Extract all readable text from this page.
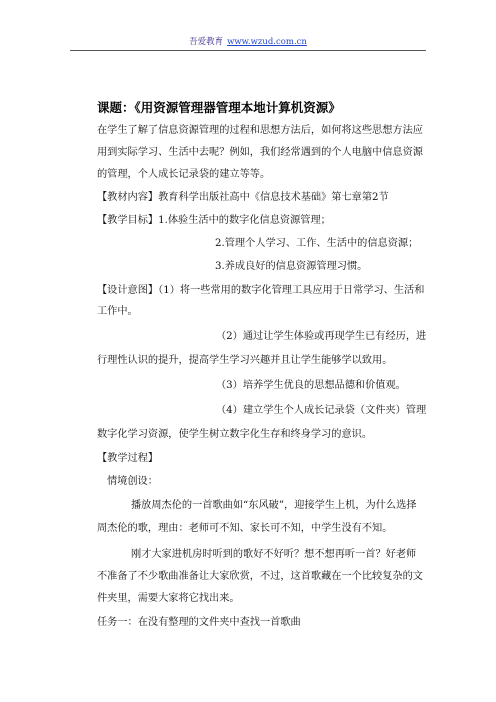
吾爱教育 www.wzud.com.cn
课题：《用资源管理器管理本地计算机资源》
在学生了解了信息资源管理的过程和思想方法后，如何将这些思想方法应
用到实际学习、生活中去呢？例如，我们经常遇到的个人电脑中信息资源
的管理，个人成长记录袋的建立等等。
【教材内容】教育科学出版社高中《信息技术基础》第七章第2节
【教学目标】1.体验生活中的数字化信息资源管理；
2.管理个人学习、工作、生活中的信息资源；
3.养成良好的信息资源管理习惯。
【设计意图】（1）将一些常用的数字化管理工具应用于日常学习、生活和
工作中。
（2）通过让学生体验或再现学生已有经历，进
行理性认识的提升，提高学生学习兴趣并且让学生能够学以致用。
（3）培养学生优良的思想品德和价值观。
（4）建立学生个人成长记录袋（文件夹）管理
数字化学习资源，使学生树立数字化生存和终身学习的意识。
【教学过程】
情境创设：
播放周杰伦的一首歌曲如“东风破”，迎接学生上机，为什么选择
周杰伦的歌，理由：老师可不知、家长可不知，中学生没有不知。
刚才大家进机房时听到的歌好不好听？想不想再听一首？好老师
不准备了不少歌曲准备让大家欣赏，不过，这首歌藏在一个比较复杂的文
件夹里，需要大家将它找出来。
任务一：在没有整理的文件夹中查找一首歌曲
